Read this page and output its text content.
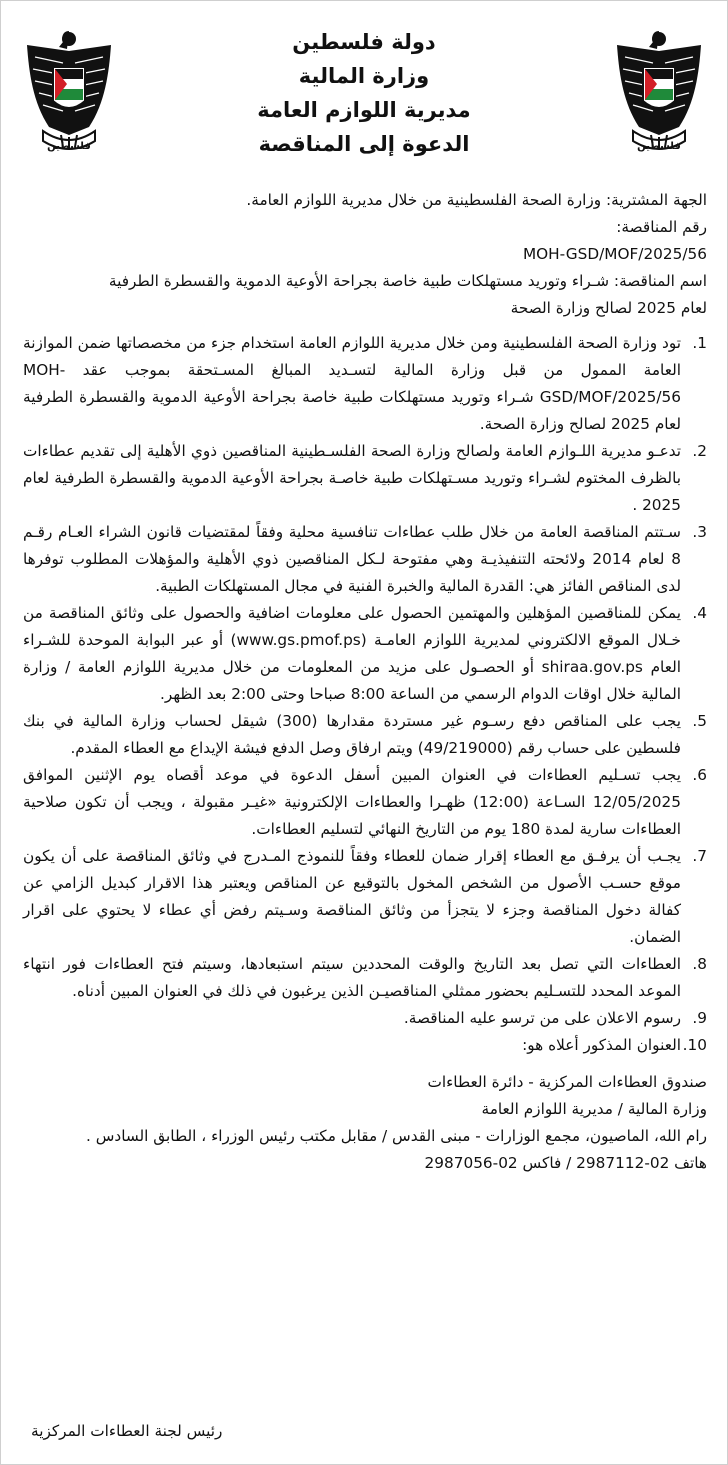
فلسطين	فلسطين
دولة فلسطين
وزارة المالية
مديرية اللوازم العامة
الدعوة إلى المناقصة
الجهة المشترية: وزارة الصحة الفلسطينية من خلال مديرية اللوازم العامة.
رقم المناقصة:
MOH-GSD/MOF/2025/56
اسم المناقصة: شـراء وتوريد مستهلكات طبية خاصة بجراحة الأوعية الدموية والقسطرة الطرفية
لعام 2025 لصالح وزارة الصحة
1.
تود وزارة الصحة الفلسطينية ومن خلال مديرية اللوازم العامة استخدام جزء من مخصصاتها ضمن الموازنة العامة الممول من قبل وزارة المالية لتسـديد المبالغ المسـتحقة بموجب عقد MOH-GSD/MOF/2025/56 شـراء وتوريد مستهلكات طبية خاصة بجراحة الأوعية الدموية والقسطرة الطرفية لعام 2025 لصالح وزارة الصحة.
2.
تدعـو مديرية اللـوازم العامة ولصالح وزارة الصحة الفلسـطينية المناقصين ذوي الأهلية إلى تقديم عطاءات بالظرف المختوم لشـراء وتوريد مسـتهلكات طبية خاصـة بجراحة الأوعية الدموية والقسطرة الطرفية لعام 2025 .
3.
سـتتم المناقصة العامة من خلال طلب عطاءات تنافسية محلية وفقاً لمقتضيات قانون الشراء العـام رقـم 8 لعام 2014 ولائحته التنفيذيـة وهي مفتوحة لـكل المناقصين ذوي الأهلية والمؤهلات المطلوب توفرها لدى المناقص الفائز هي: القدرة المالية والخبرة الفنية في مجال المستهلكات الطبية.
4.
يمكن للمناقصين المؤهلين والمهتمين الحصول على معلومات اضافية والحصول على وثائق المناقصة من خـلال الموقع الالكتروني لمديرية اللوازم العامـة (www.gs.pmof.ps) أو عبر البوابة الموحدة للشـراء العام shiraa.gov.ps أو الحصـول على مزيد من المعلومات من خلال مديرية اللوازم العامة / وزارة المالية خلال اوقات الدوام الرسمي من الساعة 8:00 صباحا وحتى 2:00 بعد الظهر.
5.
يجب على المناقص دفع رسـوم غير مستردة مقدارها (300) شيقل لحساب وزارة المالية في بنك فلسطين على حساب رقم (49/219000) ويتم ارفاق وصل الدفع فيشة الإيداع مع العطاء المقدم.
6.
يجب تسـليم العطاءات في العنوان المبين أسفل الدعوة في موعد أقصاه يوم الإثنين الموافق 12/05/2025 السـاعة (12:00) ظهـرا والعطاءات الإلكترونية «غيـر مقبولة ، ويجب أن تكون صلاحية العطاءات سارية لمدة 180 يوم من التاريخ النهائي لتسليم العطاءات.
7.
يجـب أن يرفـق مع العطاء إقرار ضمان للعطاء وفقاً للنموذج المـدرج في وثائق المناقصة على أن يكون موقع حسـب الأصول من الشخص المخول بالتوقيع عن المناقص ويعتبر هذا الاقرار كبديل الزامي عن كفالة دخول المناقصة وجزء لا يتجزأ من وثائق المناقصة وسـيتم رفض أي عطاء لا يحتوي على اقرار الضمان.
8.
العطاءات التي تصل بعد التاريخ والوقت المحددين سيتم استبعادها، وسيتم فتح العطاءات فور انتهاء الموعد المحدد للتسـليم بحضور ممثلي المناقصيـن الذين يرغبون في ذلك في العنوان المبين أدناه.
9.
رسوم الاعلان على من ترسو عليه المناقصة.
10.
العنوان المذكور أعلاه هو:
صندوق العطاءات المركزية - دائرة العطاءات
وزارة المالية / مديرية اللوازم العامة
رام الله، الماصيون، مجمع الوزارات - مبنى القدس / مقابل مكتب رئيس الوزراء ، الطابق السادس .
هاتف 02-2987112 / فاكس 02-2987056
رئيس لجنة العطاءات المركزية
